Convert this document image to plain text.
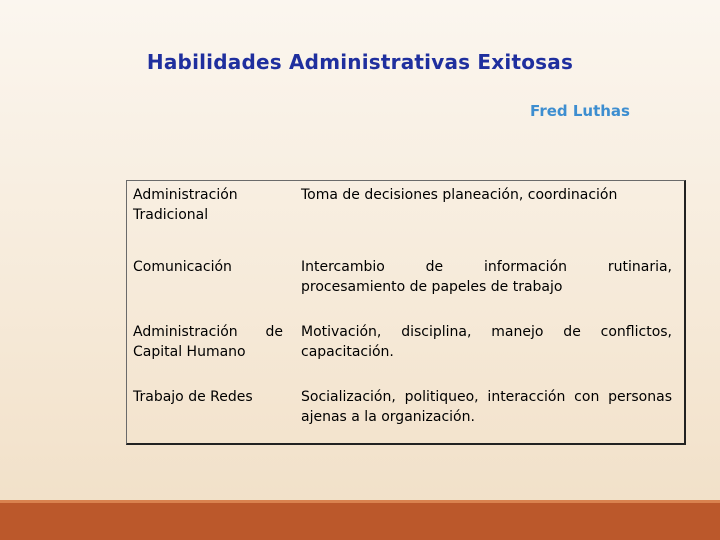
Habilidades Administrativas Exitosas
Fred Luthas
Administración
Tradicional
Toma de decisiones planeación, coordinación
Comunicación	Intercambio de información rutinaria,
procesamiento de papeles de trabajo
Administración de
Capital Humano
Motivación, disciplina, manejo de conflictos,
capacitación.
Trabajo de Redes	Socialización, politiqueo, interacción con personas
ajenas a la organización.
